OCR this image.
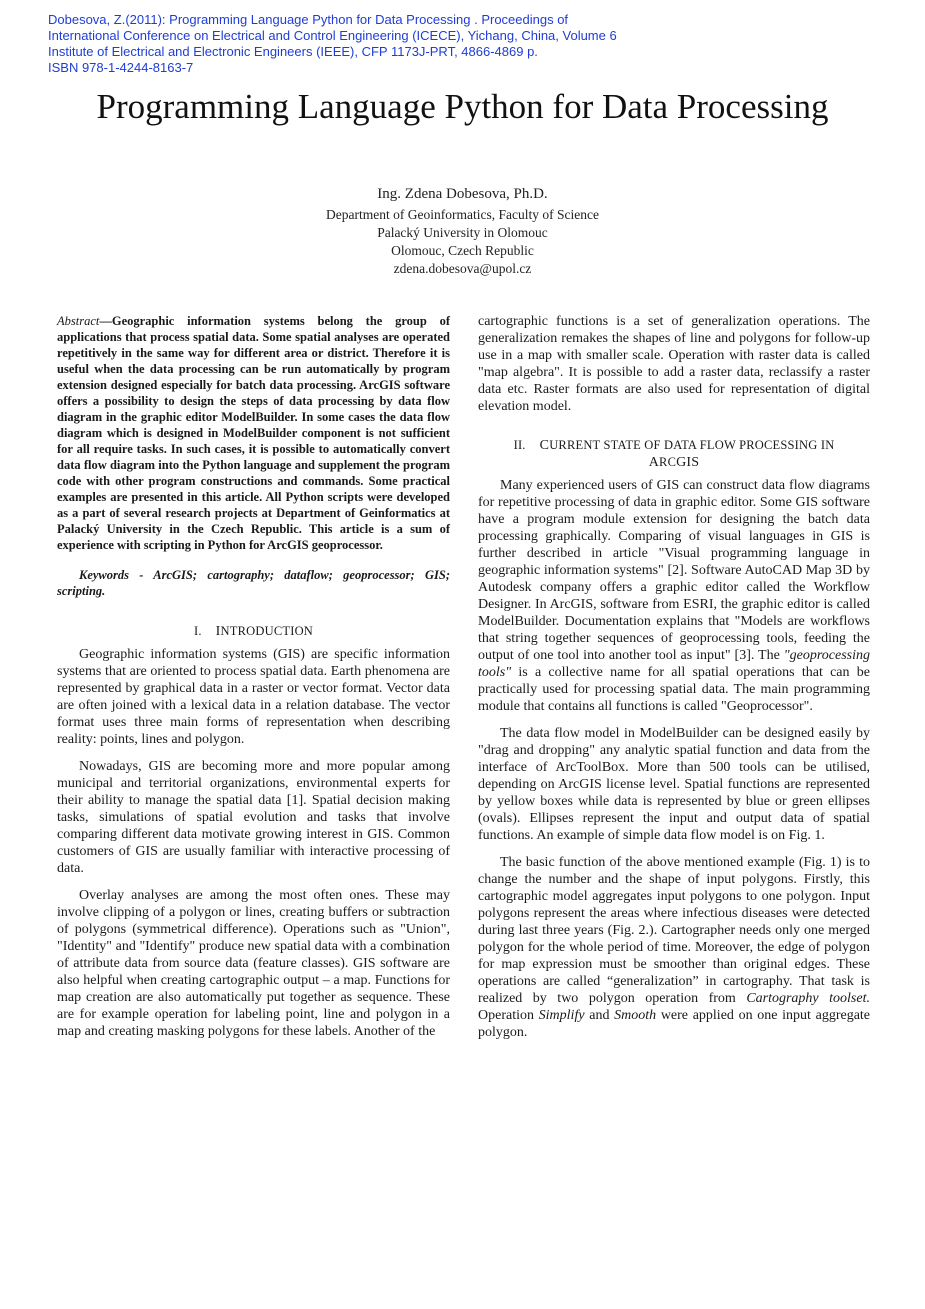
Dobesova, Z.(2011): Programming Language Python for Data Processing . Proceedings of
International Conference on Electrical and Control Engineering (ICECE), Yichang, China, Volume 6
Institute of Electrical and Electronic Engineers (IEEE), CFP 1173J-PRT, 4866-4869 p.
ISBN 978-1-4244-8163-7
Programming Language Python for Data Processing
Ing. Zdena Dobesova, Ph.D.
Department of Geoinformatics, Faculty of Science
Palacký University in Olomouc
Olomouc, Czech Republic
zdena.dobesova@upol.cz

Abstract—Geographic information systems belong the group of applications that process spatial data. Some spatial analyses are operated repetitively in the same way for different area or district. Therefore it is useful when the data processing can be run automatically by program extension designed especially for batch data processing. ArcGIS software offers a possibility to design the steps of data processing by data flow diagram in the graphic editor ModelBuilder. In some cases the data flow diagram which is designed in ModelBuilder component is not sufficient for all require tasks. In such cases, it is possible to automatically convert data flow diagram into the Python language and supplement the program code with other program constructions and commands. Some practical examples are presented in this article. All Python scripts were developed as a part of several research projects at Department of Geinformatics at Palacký University in the Czech Republic. This article is a sum of experience with scripting in Python for ArcGIS geoprocessor.

Keywords - ArcGIS; cartography; dataflow; geoprocessor; GIS; scripting.

I. INTRODUCTION

Geographic information systems (GIS) are specific information systems that are oriented to process spatial data. Earth phenomena are represented by graphical data in a raster or vector format. Vector data are often joined with a lexical data in a relation database. The vector format uses three main forms of representation when describing reality: points, lines and polygon.

Nowadays, GIS are becoming more and more popular among municipal and territorial organizations, environmental experts for their ability to manage the spatial data [1]. Spatial decision making tasks, simulations of spatial evolution and tasks that involve comparing different data motivate growing interest in GIS. Common customers of GIS are usually familiar with interactive processing of data.

Overlay analyses are among the most often ones. These may involve clipping of a polygon or lines, creating buffers or subtraction of polygons (symmetrical difference). Operations such as "Union", "Identity" and "Identify" produce new spatial data with a combination of attribute data from source data (feature classes). GIS software are also helpful when creating cartographic output – a map. Functions for map creation are also automatically put together as sequence. These are for example operation for labeling point, line and polygon in a map and creating masking polygons for these labels. Another of the

cartographic functions is a set of generalization operations. The generalization remakes the shapes of line and polygons for follow-up use in a map with smaller scale. Operation with raster data is called "map algebra". It is possible to add a raster data, reclassify a raster data etc. Raster formats are also used for representation of digital elevation model.

II. CURRENT STATE OF DATA FLOW PROCESSING IN
ARCGIS

Many experienced users of GIS can construct data flow diagrams for repetitive processing of data in graphic editor. Some GIS software have a program module extension for designing the batch data processing graphically. Comparing of visual languages in GIS is further described in article "Visual programming language in geographic information systems" [2]. Software AutoCAD Map 3D by Autodesk company offers a graphic editor called the Workflow Designer. In ArcGIS, software from ESRI, the graphic editor is called ModelBuilder. Documentation explains that "Models are workflows that string together sequences of geoprocessing tools, feeding the output of one tool into another tool as input" [3]. The "geoprocessing tools" is a collective name for all spatial operations that can be practically used for processing spatial data. The main programming module that contains all functions is called "Geoprocessor".

The data flow model in ModelBuilder can be designed easily by "drag and dropping" any analytic spatial function and data from the interface of ArcToolBox. More than 500 tools can be utilised, depending on ArcGIS license level. Spatial functions are represented by yellow boxes while data is represented by blue or green ellipses (ovals). Ellipses represent the input and output data of spatial functions. An example of simple data flow model is on Fig. 1.

The basic function of the above mentioned example (Fig. 1) is to change the number and the shape of input polygons. Firstly, this cartographic model aggregates input polygons to one polygon. Input polygons represent the areas where infectious diseases were detected during last three years (Fig. 2.). Cartographer needs only one merged polygon for the whole period of time. Moreover, the edge of polygon for map expression must be smoother than original edges. These operations are called “generalization” in cartography. That task is realized by two polygon operation from Cartography toolset. Operation Simplify and Smooth were applied on one input aggregate polygon.
